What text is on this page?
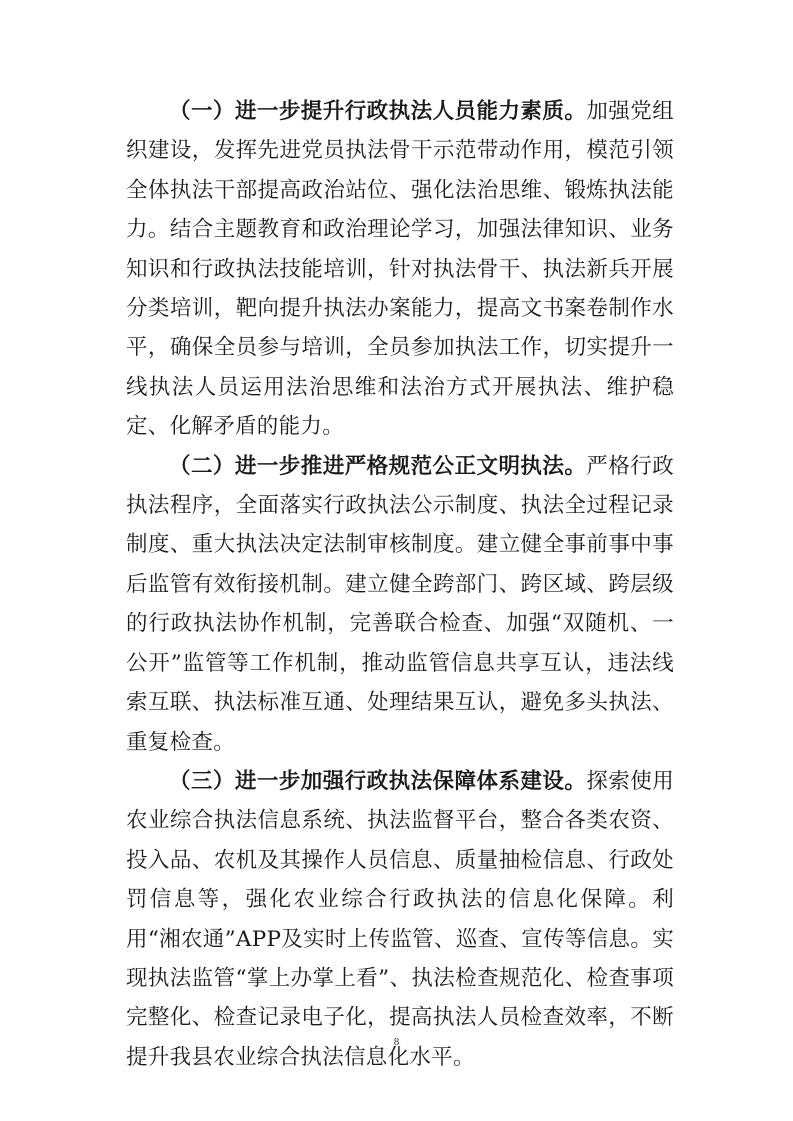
（一）进一步提升行政执法人员能力素质。加强党组织建设，发挥先进党员执法骨干示范带动作用，模范引领全体执法干部提高政治站位、强化法治思维、锻炼执法能力。结合主题教育和政治理论学习，加强法律知识、业务知识和行政执法技能培训，针对执法骨干、执法新兵开展分类培训，靶向提升执法办案能力，提高文书案卷制作水平，确保全员参与培训，全员参加执法工作，切实提升一线执法人员运用法治思维和法治方式开展执法、维护稳定、化解矛盾的能力。

（二）进一步推进严格规范公正文明执法。严格行政执法程序，全面落实行政执法公示制度、执法全过程记录制度、重大执法决定法制审核制度。建立健全事前事中事后监管有效衔接机制。建立健全跨部门、跨区域、跨层级的行政执法协作机制，完善联合检查、加强“双随机、一公开”监管等工作机制，推动监管信息共享互认，违法线索互联、执法标准互通、处理结果互认，避免多头执法、重复检查。

（三）进一步加强行政执法保障体系建设。探索使用农业综合执法信息系统、执法监督平台，整合各类农资、投入品、农机及其操作人员信息、质量抽检信息、行政处罚信息等，强化农业综合行政执法的信息化保障。利用“湘农通”APP及实时上传监管、巡查、宣传等信息。实现执法监管“掌上办掌上看”、执法检查规范化、检查事项完整化、检查记录电子化，提高执法人员检查效率，不断提升我县农业综合执法信息化水平。

8
